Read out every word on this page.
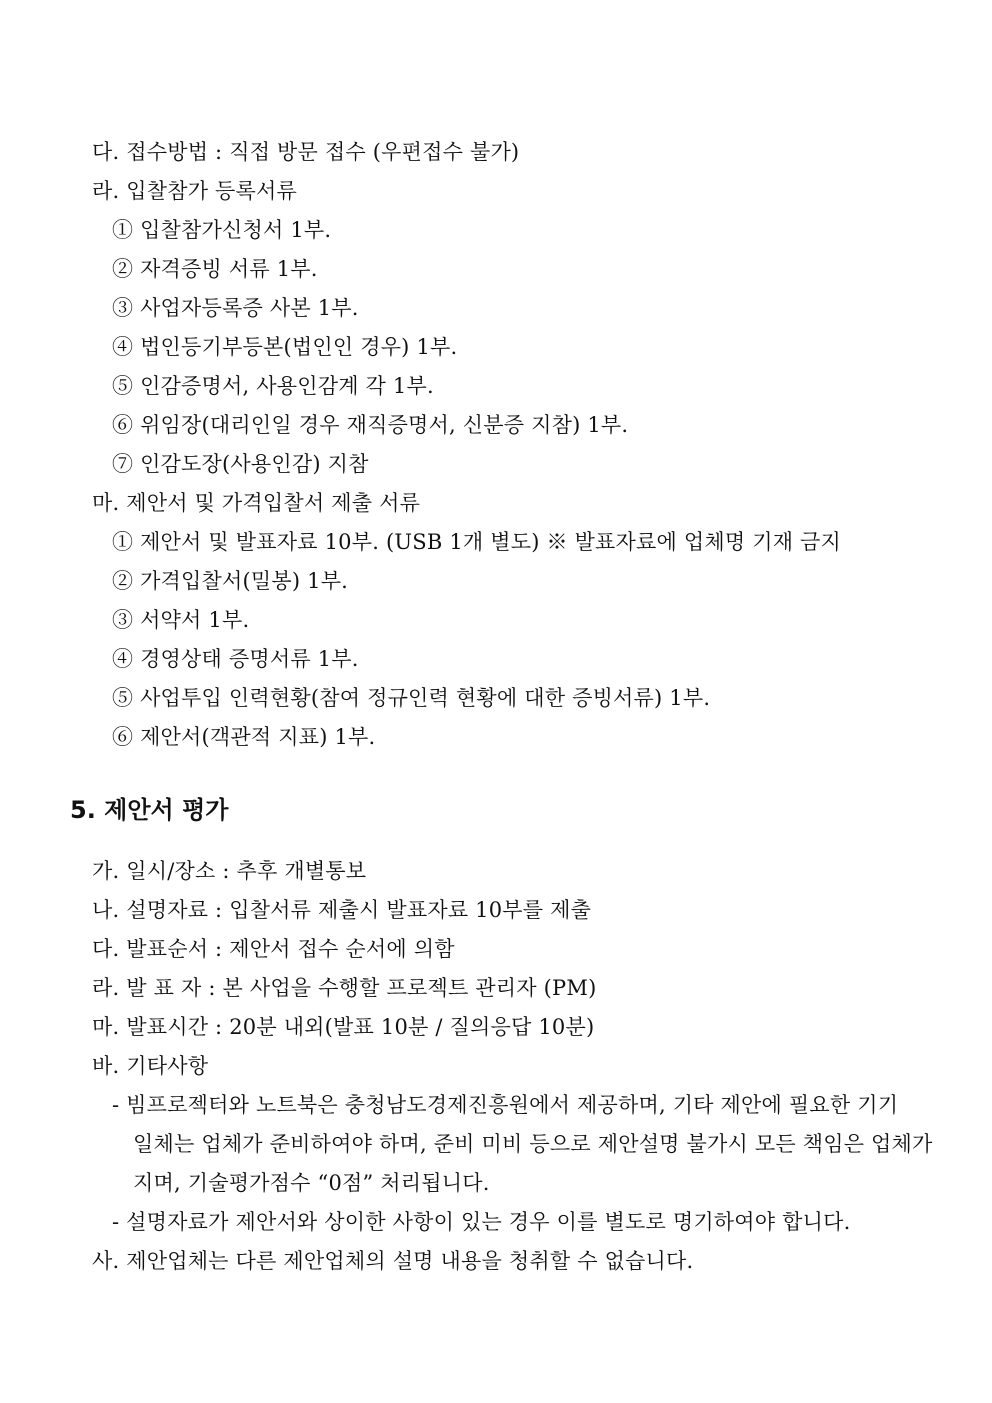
다. 접수방법 : 직접 방문 접수 (우편접수 불가)
라. 입찰참가 등록서류
① 입찰참가신청서 1부.
② 자격증빙 서류 1부.
③ 사업자등록증 사본 1부.
④ 법인등기부등본(법인인 경우) 1부.
⑤ 인감증명서, 사용인감계 각 1부.
⑥ 위임장(대리인일 경우 재직증명서, 신분증 지참) 1부.
⑦ 인감도장(사용인감) 지참
마. 제안서 및 가격입찰서 제출 서류
① 제안서 및 발표자료 10부. (USB 1개 별도) ※ 발표자료에 업체명 기재 금지
② 가격입찰서(밀봉) 1부.
③ 서약서 1부.
④ 경영상태 증명서류 1부.
⑤ 사업투입 인력현황(참여 정규인력 현황에 대한 증빙서류) 1부.
⑥ 제안서(객관적 지표) 1부.
5. 제안서 평가
가. 일시/장소 : 추후 개별통보
나. 설명자료 : 입찰서류 제출시 발표자료 10부를 제출
다. 발표순서 : 제안서 접수 순서에 의함
라. 발 표 자 : 본 사업을 수행할 프로젝트 관리자 (PM)
마. 발표시간 : 20분 내외(발표 10분 / 질의응답 10분)
바. 기타사항
- 빔프로젝터와 노트북은 충청남도경제진흥원에서 제공하며, 기타 제안에 필요한 기기
일체는 업체가 준비하여야 하며, 준비 미비 등으로 제안설명 불가시 모든 책임은 업체가
지며, 기술평가점수 “0점” 처리됩니다.
- 설명자료가 제안서와 상이한 사항이 있는 경우 이를 별도로 명기하여야 합니다.
사. 제안업체는 다른 제안업체의 설명 내용을 청취할 수 없습니다.
